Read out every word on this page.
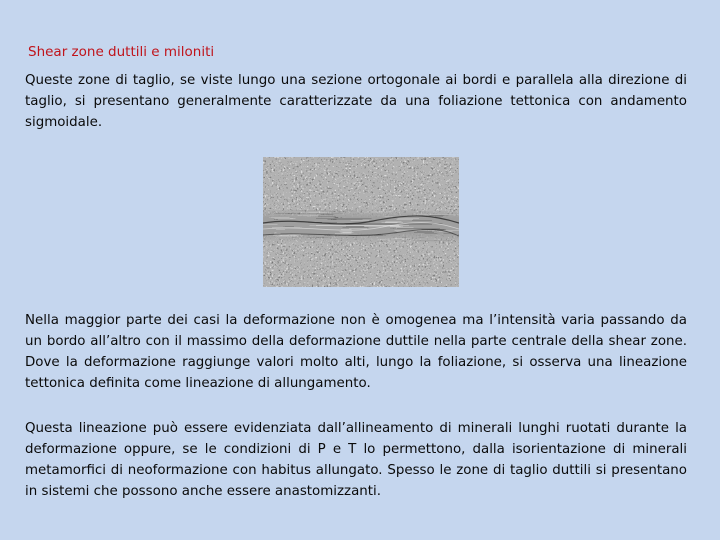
Shear zone duttili e miloniti

Queste zone di taglio, se viste lungo una sezione ortogonale ai bordi e parallela alla direzione di taglio, si presentano generalmente caratterizzate da una foliazione tettonica con andamento sigmoidale.

Nella maggior parte dei casi la deformazione non è omogenea ma l’intensità varia passando da un bordo all’altro con il massimo della deformazione duttile nella parte centrale della shear zone. Dove la deformazione raggiunge valori molto alti, lungo la foliazione, si osserva una lineazione tettonica definita come lineazione di allungamento.

Questa lineazione può essere evidenziata dall’allineamento di minerali lunghi ruotati durante la deformazione oppure, se le condizioni di P e T lo permettono, dalla isorientazione di minerali metamorfici di neoformazione con habitus allungato. Spesso le zone di taglio duttili si presentano in sistemi che possono anche essere anastomizzanti.
